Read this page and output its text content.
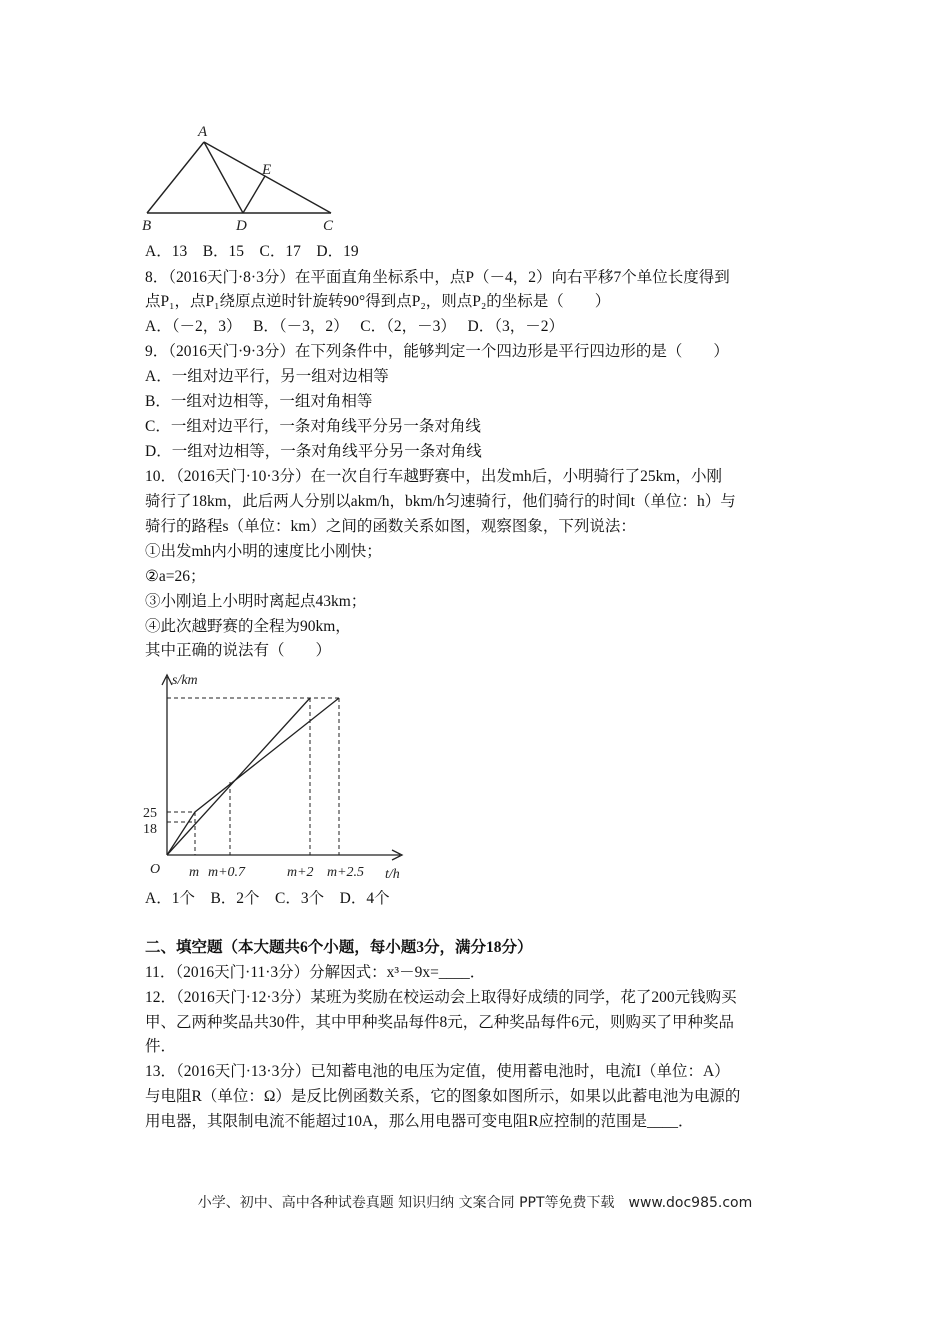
A
B	C
D
E
A．13　B．15　C．17　D．19
8．（2016天门·8·3分）在平面直角坐标系中，点P（－4，2）向右平移7个单位长度得到
点P₁，点P₁绕原点逆时针旋转90°得到点P₂，则点P₂的坐标是（　　）
A．（－2，3）　 B．（－3，2）　 C．（2，－3）　 D．（3，－2）
9．（2016天门·9·3分）在下列条件中，能够判定一个四边形是平行四边形的是（　　）
A．一组对边平行，另一组对边相等
B．一组对边相等，一组对角相等
C．一组对边平行，一条对角线平分另一条对角线
D．一组对边相等，一条对角线平分另一条对角线
10．（2016天门·10·3分）在一次自行车越野赛中，出发mh后，小明骑行了25km，小刚
骑行了18km，此后两人分别以akm/h，bkm/h匀速骑行，他们骑行的时间t（单位：h）与
骑行的路程s（单位：km）之间的函数关系如图，观察图象，下列说法：
①出发mh内小明的速度比小刚快；
②a=26；
③小刚追上小明时离起点43km；
④此次越野赛的全程为90km，
其中正确的说法有（　　）
s/km
t/h
O
25
18
m m+0.7	m+2 m+2.5
A．1个　B．2个　C．3个　D．4个
二、填空题（本大题共6个小题，每小题3分，满分18分）
11．（2016天门·11·3分）分解因式：x³－9x=____．
12．（2016天门·12·3分）某班为奖励在校运动会上取得好成绩的同学，花了200元钱购买
甲、乙两种奖品共30件，其中甲种奖品每件8元，乙种奖品每件6元，则购买了甲种奖品
件．
13．（2016天门·13·3分）已知蓄电池的电压为定值，使用蓄电池时，电流I（单位：A）
与电阻R（单位：Ω）是反比例函数关系，它的图象如图所示，如果以此蓄电池为电源的
用电器，其限制电流不能超过10A，那么用电器可变电阻R应控制的范围是____．
小学、初中、高中各种试卷真题 知识归纳 文案合同 PPT等免费下载　www.doc985.com
